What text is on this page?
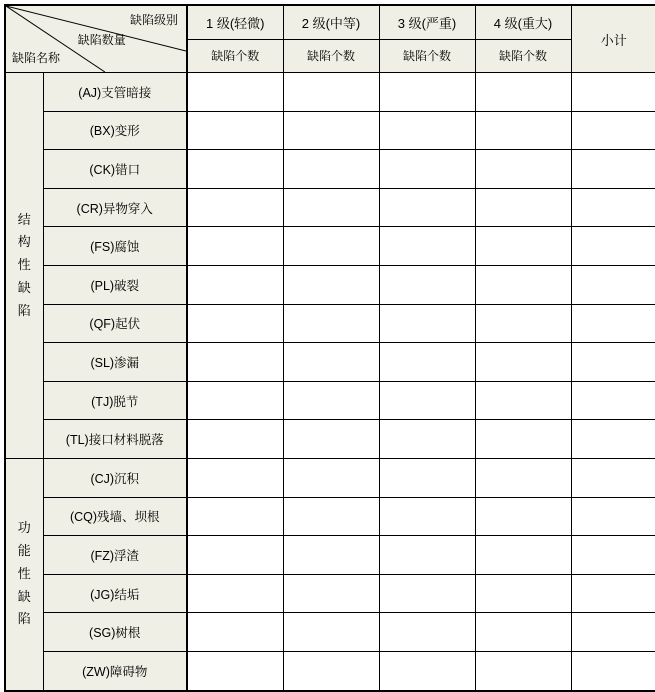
缺陷级别
缺陷数量
缺陷名称		1 级(轻微)	2 级(中等)	3 级(严重)	4 级(重大)	小计
		缺陷个数	缺陷个数	缺陷个数	缺陷个数	

结
构
性
缺
陷	(AJ)支管暗接					
	(BX)变形					
	(CK)错口					
	(CR)异物穿入					
	(FS)腐蚀					
	(PL)破裂					
	(QF)起伏					
	(SL)渗漏					
	(TJ)脱节					
	(TL)接口材料脱落					

功
能
性
缺
陷	(CJ)沉积					
	(CQ)残墙、坝根					
	(FZ)浮渣					
	(JG)结垢					
	(SG)树根					
	(ZW)障碍物					
